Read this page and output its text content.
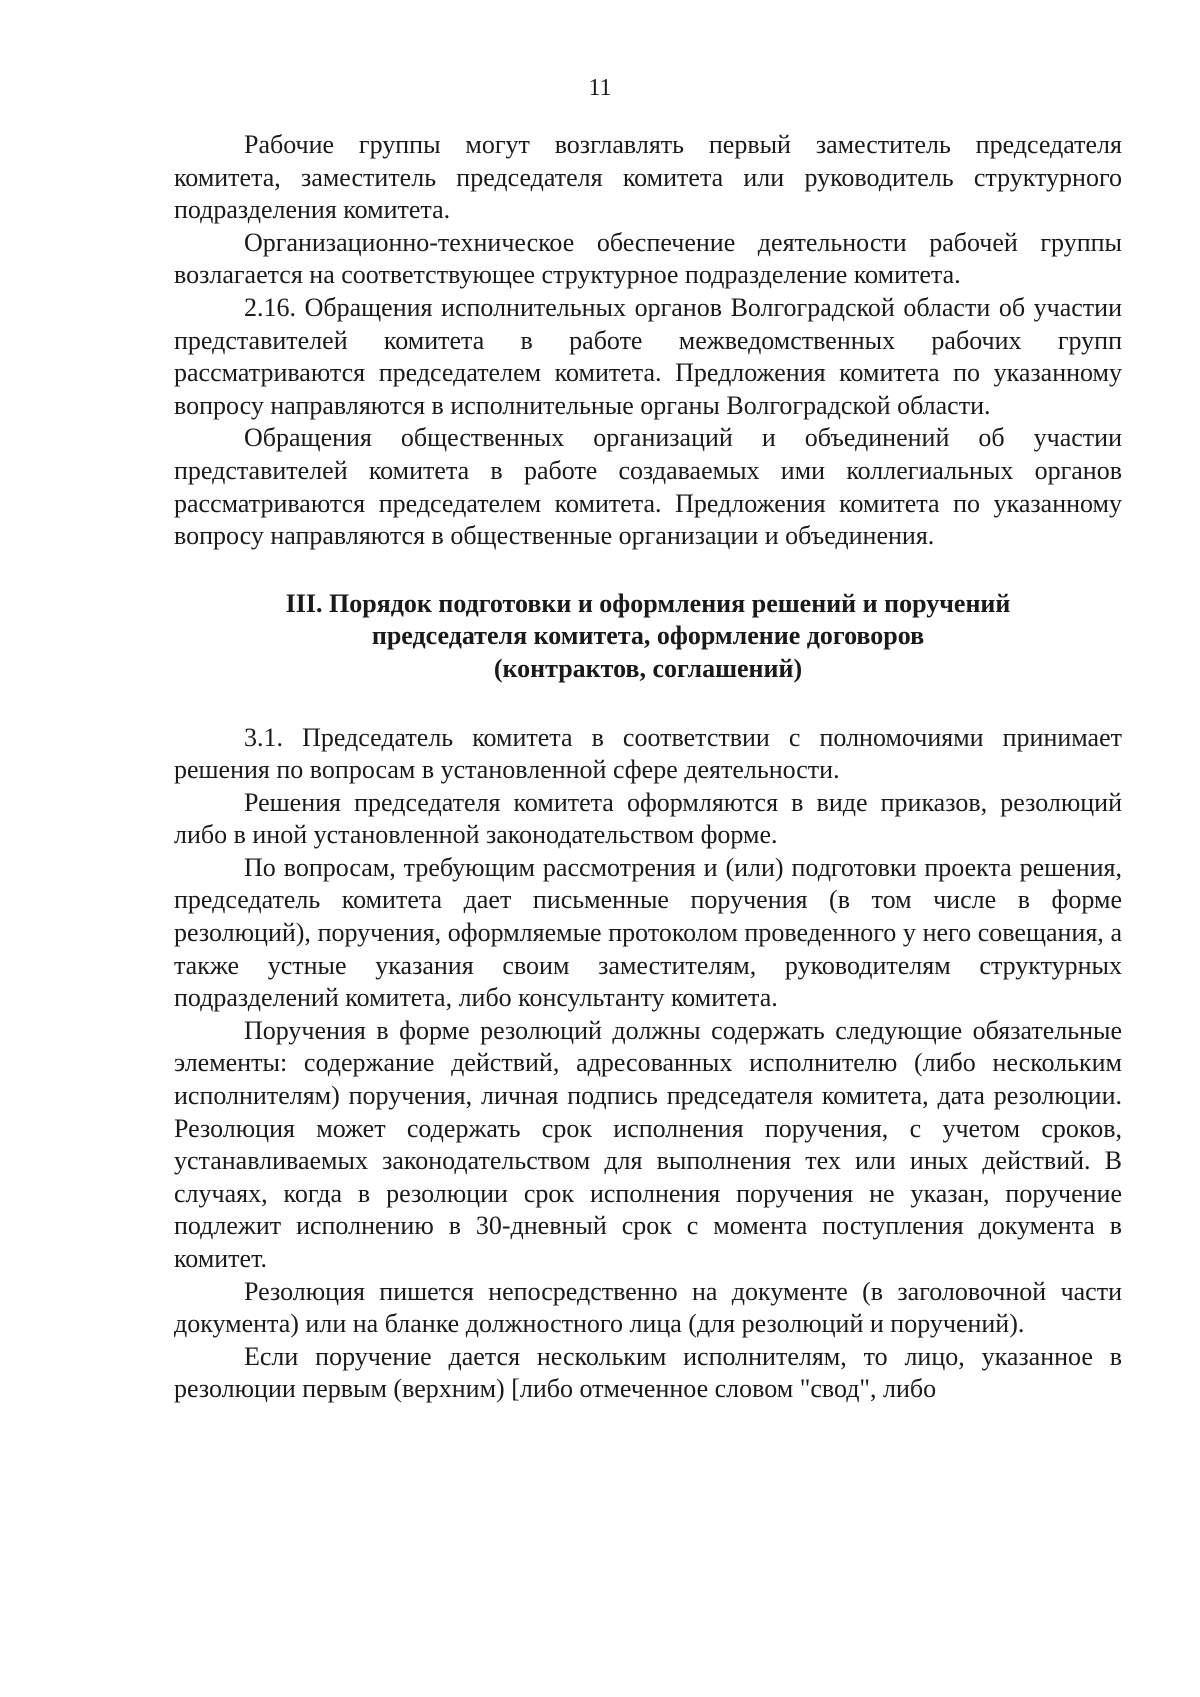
11

Рабочие группы могут возглавлять первый заместитель председателя комитета, заместитель председателя комитета или руководитель структурного подразделения комитета.

Организационно-техническое обеспечение деятельности рабочей группы возлагается на соответствующее структурное подразделение комитета.

2.16. Обращения исполнительных органов Волгоградской области об участии представителей комитета в работе межведомственных рабочих групп рассматриваются председателем комитета. Предложения комитета по указанному вопросу направляются в исполнительные органы Волгоградской области.

Обращения общественных организаций и объединений об участии представителей комитета в работе создаваемых ими коллегиальных органов рассматриваются председателем комитета. Предложения комитета по указанному вопросу направляются в общественные организации и объединения.

III. Порядок подготовки и оформления решений и поручений
председателя комитета, оформление договоров
(контрактов, соглашений)

3.1. Председатель комитета в соответствии с полномочиями принимает решения по вопросам в установленной сфере деятельности.

Решения председателя комитета оформляются в виде приказов, резолюций либо в иной установленной законодательством форме.

По вопросам, требующим рассмотрения и (или) подготовки проекта решения, председатель комитета дает письменные поручения (в том числе в форме резолюций), поручения, оформляемые протоколом проведенного у него совещания, а также устные указания своим заместителям, руководителям структурных подразделений комитета, либо консультанту комитета.

Поручения в форме резолюций должны содержать следующие обязательные элементы: содержание действий, адресованных исполнителю (либо нескольким исполнителям) поручения, личная подпись председателя комитета, дата резолюции. Резолюция может содержать срок исполнения поручения, с учетом сроков, устанавливаемых законодательством для выполнения тех или иных действий. В случаях, когда в резолюции срок исполнения поручения не указан, поручение подлежит исполнению в 30-дневный срок с момента поступления документа в комитет.

Резолюция пишется непосредственно на документе (в заголовочной части документа) или на бланке должностного лица (для резолюций и поручений).

Если поручение дается нескольким исполнителям, то лицо, указанное в резолюции первым (верхним) [либо отмеченное словом "свод", либо
